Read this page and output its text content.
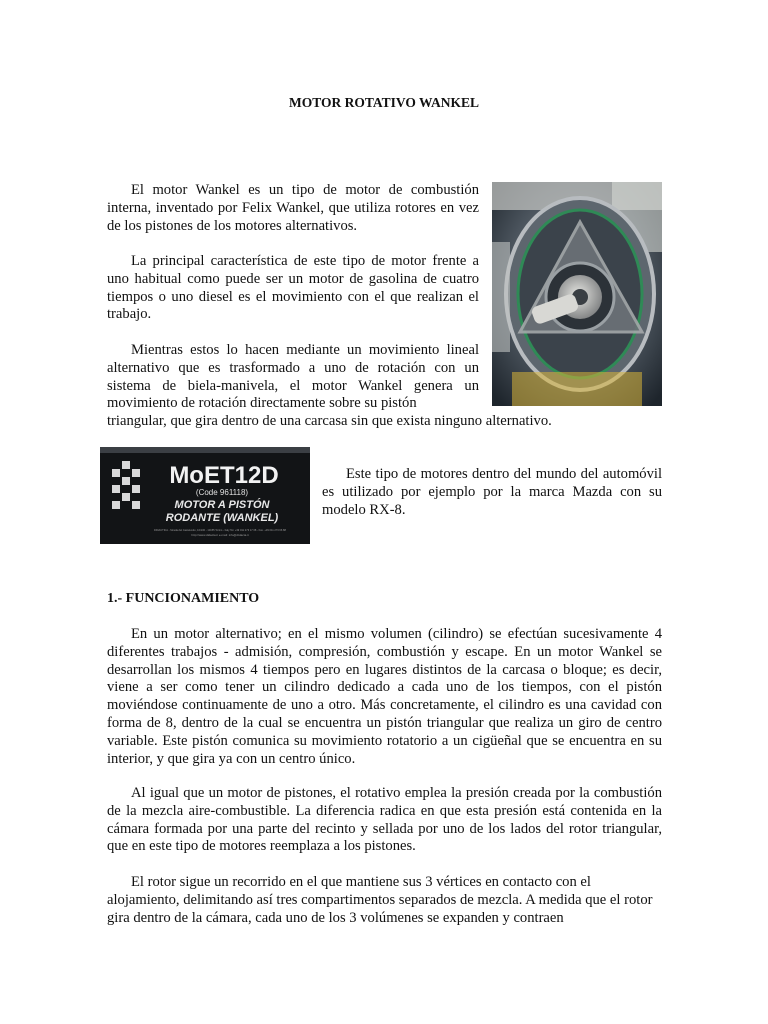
MOTOR ROTATIVO WANKEL

El motor Wankel es un tipo de motor de combustión interna, inventado por Felix Wankel, que utiliza rotores en vez de los pistones de los motores alternativos.

La principal característica de este tipo de motor frente a uno habitual como puede ser un motor de gasolina de cuatro tiempos o uno diesel es el movimiento con el que realizan el trabajo.

Mientras estos lo hacen mediante un movimiento lineal alternativo que es trasformado a uno de rotación con un sistema de biela-manivela, el motor Wankel genera un movimiento de rotación directamente sobre su pistón

triangular, que gira dentro de una carcasa sin que exista ninguno alternativo.

MoET12D
(Code 961118)
MOTOR A PISTÓN
RODANTE (WANKEL)
DIDACTICA - Strada del Castelvetto, 10/100 - 10155 Torino - Italy Tel. +39 011 273 17 08 - Fax. +39 011 273 66 88
http://www.didacta.it e-mail: info@didacta.it

Este tipo de motores dentro del mundo del automóvil es utilizado por ejemplo por la marca Mazda con su modelo RX-8.

1.- FUNCIONAMIENTO

En un motor alternativo; en el mismo volumen (cilindro) se efectúan sucesivamente 4 diferentes trabajos - admisión, compresión, combustión y escape. En un motor Wankel se desarrollan los mismos 4 tiempos pero en lugares distintos de la carcasa o bloque; es decir, viene a ser como tener un cilindro dedicado a cada uno de los tiempos, con el pistón moviéndose continuamente de uno a otro. Más concretamente, el cilindro es una cavidad con forma de 8, dentro de la cual se encuentra un pistón triangular que realiza un giro de centro variable. Este pistón comunica su movimiento rotatorio a un cigüeñal que se encuentra en su interior, y que gira ya con un centro único.

Al igual que un motor de pistones, el rotativo emplea la presión creada por la combustión de la mezcla aire-combustible. La diferencia radica en que esta presión está contenida en la cámara formada por una parte del recinto y sellada por uno de los lados del rotor triangular, que en este tipo de motores reemplaza a los pistones.

El rotor sigue un recorrido en el que mantiene sus 3 vértices en contacto con el alojamiento, delimitando así tres compartimentos separados de mezcla. A medida que el rotor gira dentro de la cámara, cada uno de los 3 volúmenes se expanden y contraen
